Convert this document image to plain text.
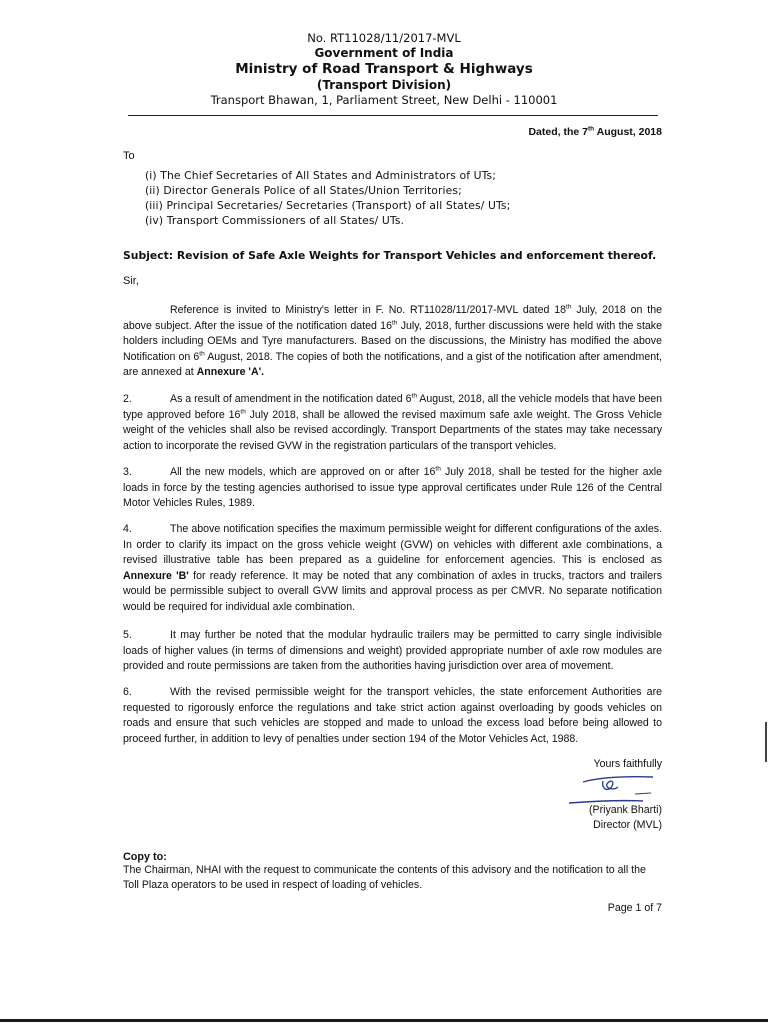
No. RT11028/11/2017-MVL
Government of India
Ministry of Road Transport & Highways
(Transport Division)
Transport Bhawan, 1, Parliament Street, New Delhi - 110001
Dated, the 7th August, 2018
To
(i) The Chief Secretaries of All States and Administrators of UTs;
(ii) Director Generals Police of all States/Union Territories;
(iii) Principal Secretaries/ Secretaries (Transport) of all States/ UTs;
(iv) Transport Commissioners of all States/ UTs.
Subject: Revision of Safe Axle Weights for Transport Vehicles and enforcement thereof.
Sir,

Reference is invited to Ministry's letter in F. No. RT11028/11/2017-MVL dated 18th July, 2018 on the above subject. After the issue of the notification dated 16th July, 2018, further discussions were held with the stake holders including OEMs and Tyre manufacturers. Based on the discussions, the Ministry has modified the above Notification on 6th August, 2018. The copies of both the notifications, and a gist of the notification after amendment, are annexed at Annexure 'A'.

2.	As a result of amendment in the notification dated 6th August, 2018, all the vehicle models that have been type approved before 16th July 2018, shall be allowed the revised maximum safe axle weight. The Gross Vehicle weight of the vehicles shall also be revised accordingly. Transport Departments of the states may take necessary action to incorporate the revised GVW in the registration particulars of the transport vehicles.

3.	All the new models, which are approved on or after 16th July 2018, shall be tested for the higher axle loads in force by the testing agencies authorised to issue type approval certificates under Rule 126 of the Central Motor Vehicles Rules, 1989.

4.	The above notification specifies the maximum permissible weight for different configurations of the axles. In order to clarify its impact on the gross vehicle weight (GVW) on vehicles with different axle combinations, a revised illustrative table has been prepared as a guideline for enforcement agencies. This is enclosed as Annexure 'B' for ready reference. It may be noted that any combination of axles in trucks, tractors and trailers would be permissible subject to overall GVW limits and approval process as per CMVR. No separate notification would be required for individual axle combination.

5.	It may further be noted that the modular hydraulic trailers may be permitted to carry single indivisible loads of higher values (in terms of dimensions and weight) provided appropriate number of axle row modules are provided and route permissions are taken from the authorities having jurisdiction over area of movement.

6.	With the revised permissible weight for the transport vehicles, the state enforcement Authorities are requested to rigorously enforce the regulations and take strict action against overloading by goods vehicles on roads and ensure that such vehicles are stopped and made to unload the excess load before being allowed to proceed further, in addition to levy of penalties under section 194 of the Motor Vehicles Act, 1988.

Yours faithfully
(Priyank Bharti)
Director (MVL)
Copy to:
The Chairman, NHAI with the request to communicate the contents of this advisory and the notification to all the Toll Plaza operators to be used in respect of loading of vehicles.
Page 1 of 7
